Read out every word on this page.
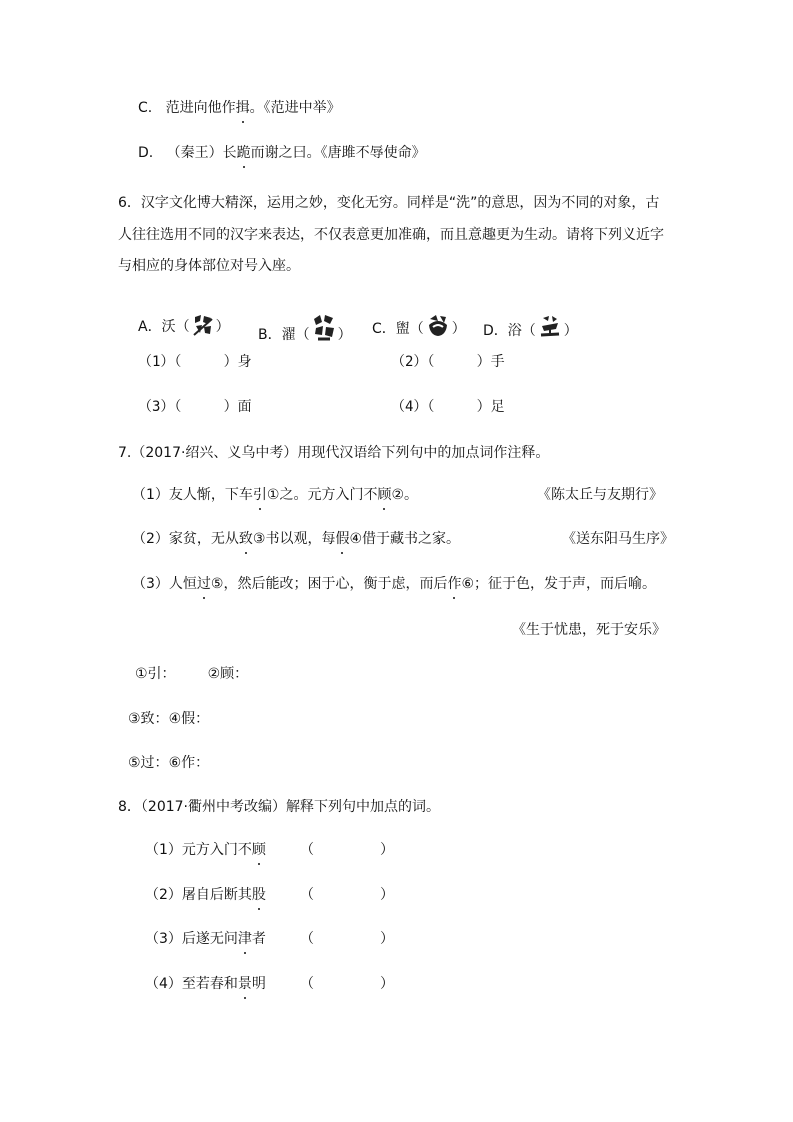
C. 范进向他作揖。《范进中举》
D. （秦王）长跪而谢之曰。《唐雎不辱使命》
6．汉字文化博大精深，运用之妙，变化无穷。同样是“洗”的意思，因为不同的对象，古
人往往选用不同的汉字来表达，不仅表意更加准确，而且意趣更为生动。请将下列义近字
与相应的身体部位对号入座。
A．沃（ ） B．濯（ ） C．盥（ ） D．浴（ ）
（1）（	）身	（2）（	）手
（3）（	）面	（4）（	）足
7.（2017·绍兴、义乌中考）用现代汉语给下列句中的加点词作注释。
（1）友人惭，下车引①之。元方入门不顾②。	《陈太丘与友期行》
（2）家贫，无从致③书以观，每假④借于藏书之家。	《送东阳马生序》
（3）人恒过⑤，然后能改；困于心，衡于虑，而后作⑥；征于色，发于声，而后喻。
《生于忧患，死于安乐》
①引： ②顾：
③致：④假：
⑤过：⑥作：
8．（2017·衢州中考改编）解释下列句中加点的词。
（1）元方入门不顾 （	）
（2）屠自后断其股 （	）
（3）后遂无问津者 （	）
（4）至若春和景明 （	）
